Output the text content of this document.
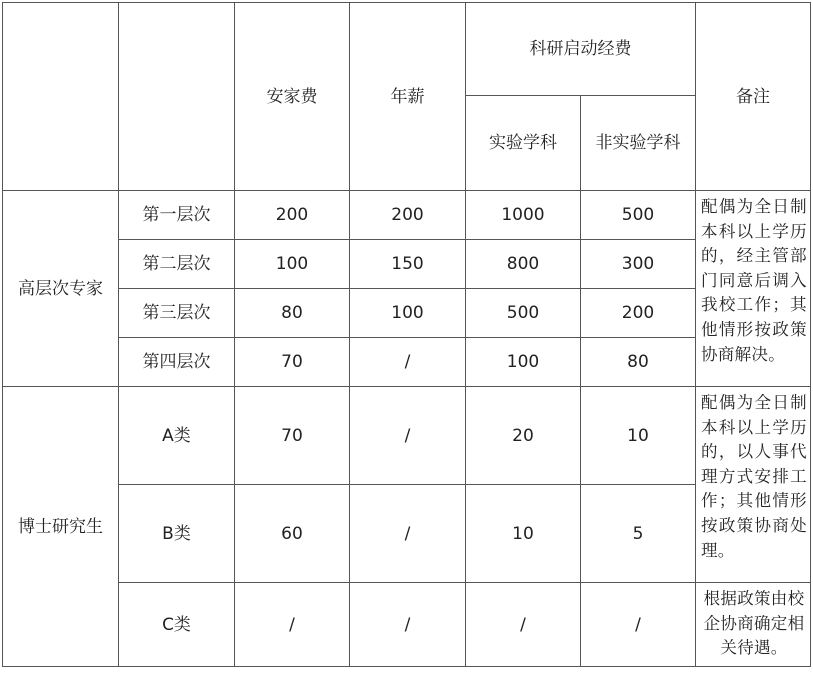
		安家费	年薪	科研启动经费		备注
				实验学科	非实验学科	
高层次专家	第一层次	200	200	1000	500	配偶为全日制本科以上学历的，经主管部门同意后调入我校工作；其他情形按政策协商解决。
	第二层次	100	150	800	300	
	第三层次	80	100	500	200	
	第四层次	70	/	100	80	
博士研究生	A类	70	/	20	10	配偶为全日制本科以上学历的，以人事代理方式安排工作；其他情形按政策协商处理。
	B类	60	/	10	5	
	C类	/	/	/	/	根据政策由校企协商确定相关待遇。
